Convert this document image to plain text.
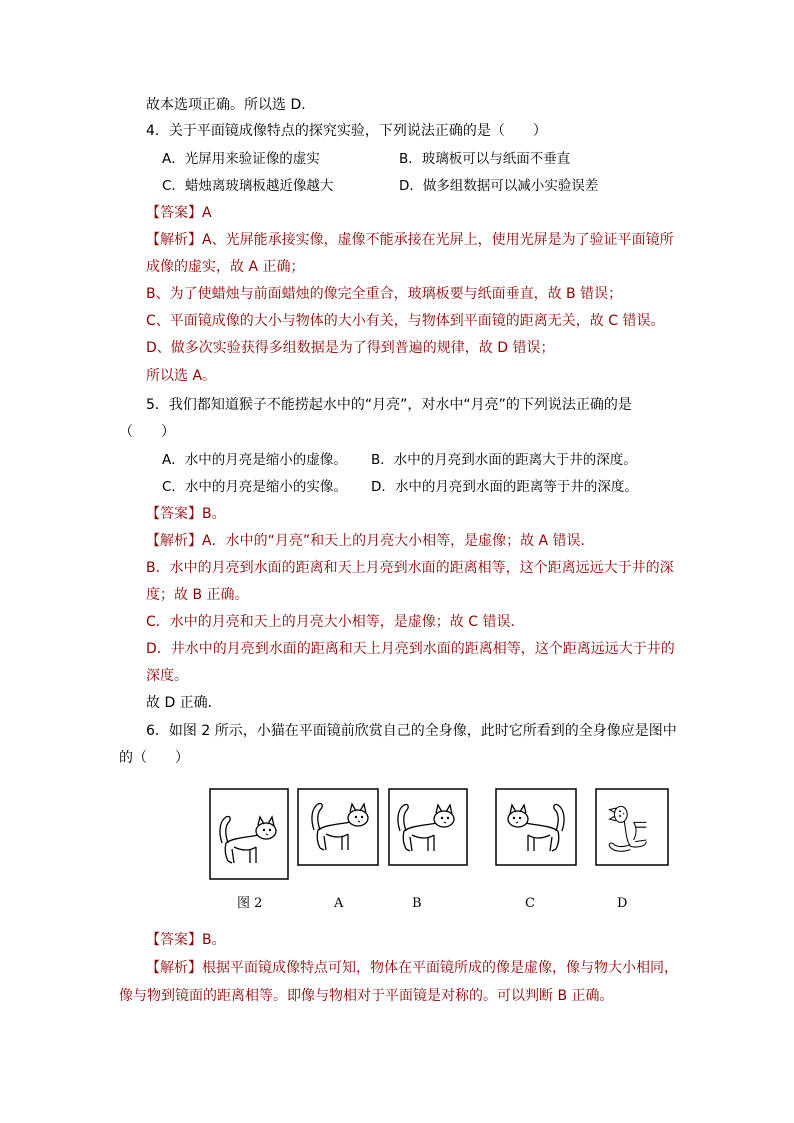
故本选项正确。所以选 D.
4．关于平面镜成像特点的探究实验，下列说法正确的是（　　）
A．光屏用来验证像的虚实	B．玻璃板可以与纸面不垂直
C．蜡烛离玻璃板越近像越大	D．做多组数据可以减小实验误差
【答案】A
【解析】A、光屏能承接实像，虚像不能承接在光屏上，使用光屏是为了验证平面镜所
成像的虚实，故 A 正确；
B、为了使蜡烛与前面蜡烛的像完全重合，玻璃板要与纸面垂直，故 B 错误；
C、平面镜成像的大小与物体的大小有关，与物体到平面镜的距离无关，故 C 错误。
D、做多次实验获得多组数据是为了得到普遍的规律，故 D 错误；
所以选 A。
5．我们都知道猴子不能捞起水中的“月亮”，对水中“月亮”的下列说法正确的是
（　　）
A．水中的月亮是缩小的虚像。 B．水中的月亮到水面的距离大于井的深度。
C．水中的月亮是缩小的实像。 D．水中的月亮到水面的距离等于井的深度。
【答案】B。
【解析】A．水中的“月亮”和天上的月亮大小相等，是虚像；故 A 错误．
B．水中的月亮到水面的距离和天上月亮到水面的距离相等，这个距离远远大于井的深
度；故 B 正确。
C．水中的月亮和天上的月亮大小相等，是虚像；故 C 错误．
D．井水中的月亮到水面的距离和天上月亮到水面的距离相等，这个距离远远大于井的
深度。
故 D 正确．
6．如图 2 所示，小猫在平面镜前欣赏自己的全身像，此时它所看到的全身像应是图中
的（　　）
图 2	A	B	C	D
【答案】B。
【解析】根据平面镜成像特点可知，物体在平面镜所成的像是虚像，像与物大小相同，
像与物到镜面的距离相等。即像与物相对于平面镜是对称的。可以判断 B 正确。
